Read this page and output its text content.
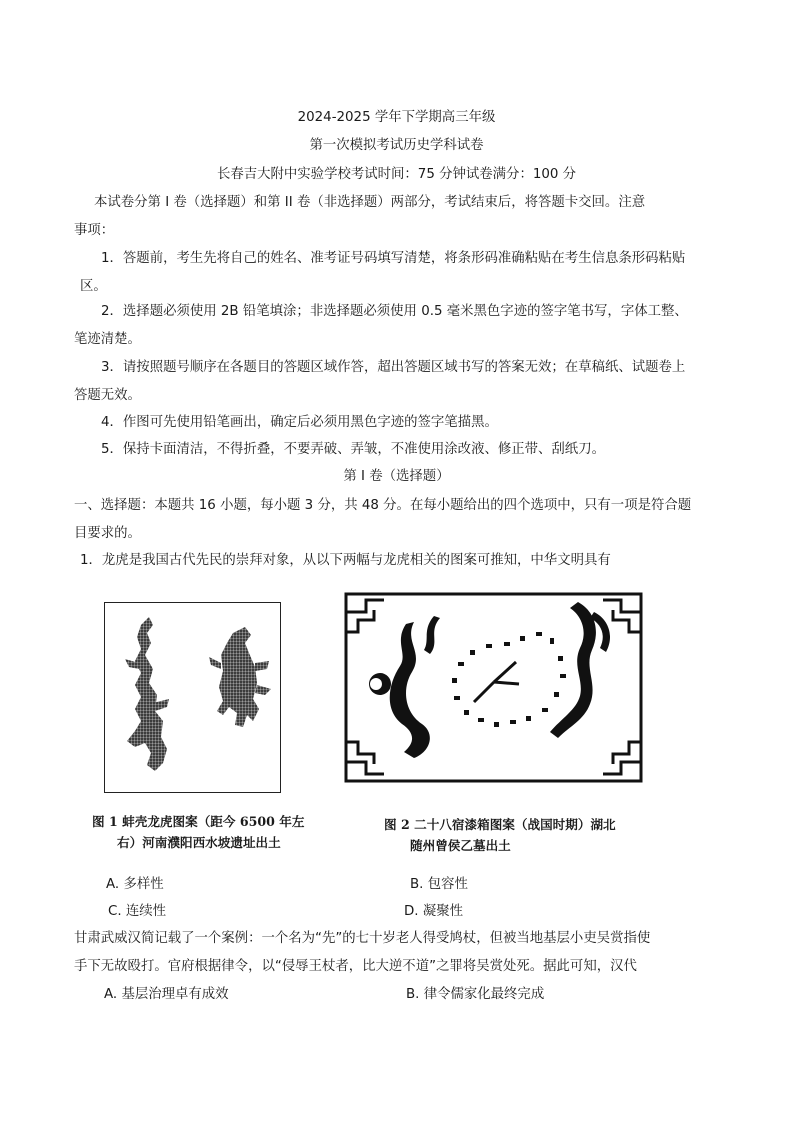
2024-2025 学年下学期高三年级
第一次模拟考试历史学科试卷
长春吉大附中实验学校考试时间：75 分钟试卷满分：100 分
本试卷分第 I 卷（选择题）和第 II 卷（非选择题）两部分，考试结束后，将答题卡交回。注意
事项：
1．答题前，考生先将自己的姓名、准考证号码填写清楚，将条形码准确粘贴在考生信息条形码粘贴
区。
2．选择题必须使用 2B 铅笔填涂；非选择题必须使用 0.5 毫米黑色字迹的签字笔书写，字体工整、
笔迹清楚。
3．请按照题号顺序在各题目的答题区域作答，超出答题区域书写的答案无效；在草稿纸、试题卷上
答题无效。
4．作图可先使用铅笔画出，确定后必须用黑色字迹的签字笔描黑。
5．保持卡面清洁，不得折叠，不要弄破、弄皱，不准使用涂改液、修正带、刮纸刀。
第 I 卷（选择题）
一、选择题：本题共 16 小题，每小题 3 分，共 48 分。在每小题给出的四个选项中，只有一项是符合题
目要求的。
1．龙虎是我国古代先民的崇拜对象，从以下两幅与龙虎相关的图案可推知，中华文明具有
图 1 蚌壳龙虎图案（距今 6500 年左
右）河南濮阳西水坡遗址出土
图 2 二十八宿漆箱图案（战国时期）湖北
随州曾侯乙墓出土
A. 多样性	B. 包容性
C. 连续性	D. 凝聚性
甘肃武威汉简记载了一个案例：一个名为“先”的七十岁老人得受鸠杖，但被当地基层小吏吴赏指使
手下无故殴打。官府根据律令，以“侵辱王杖者，比大逆不道”之罪将吴赏处死。据此可知，汉代
A. 基层治理卓有成效	B. 律令儒家化最终完成
